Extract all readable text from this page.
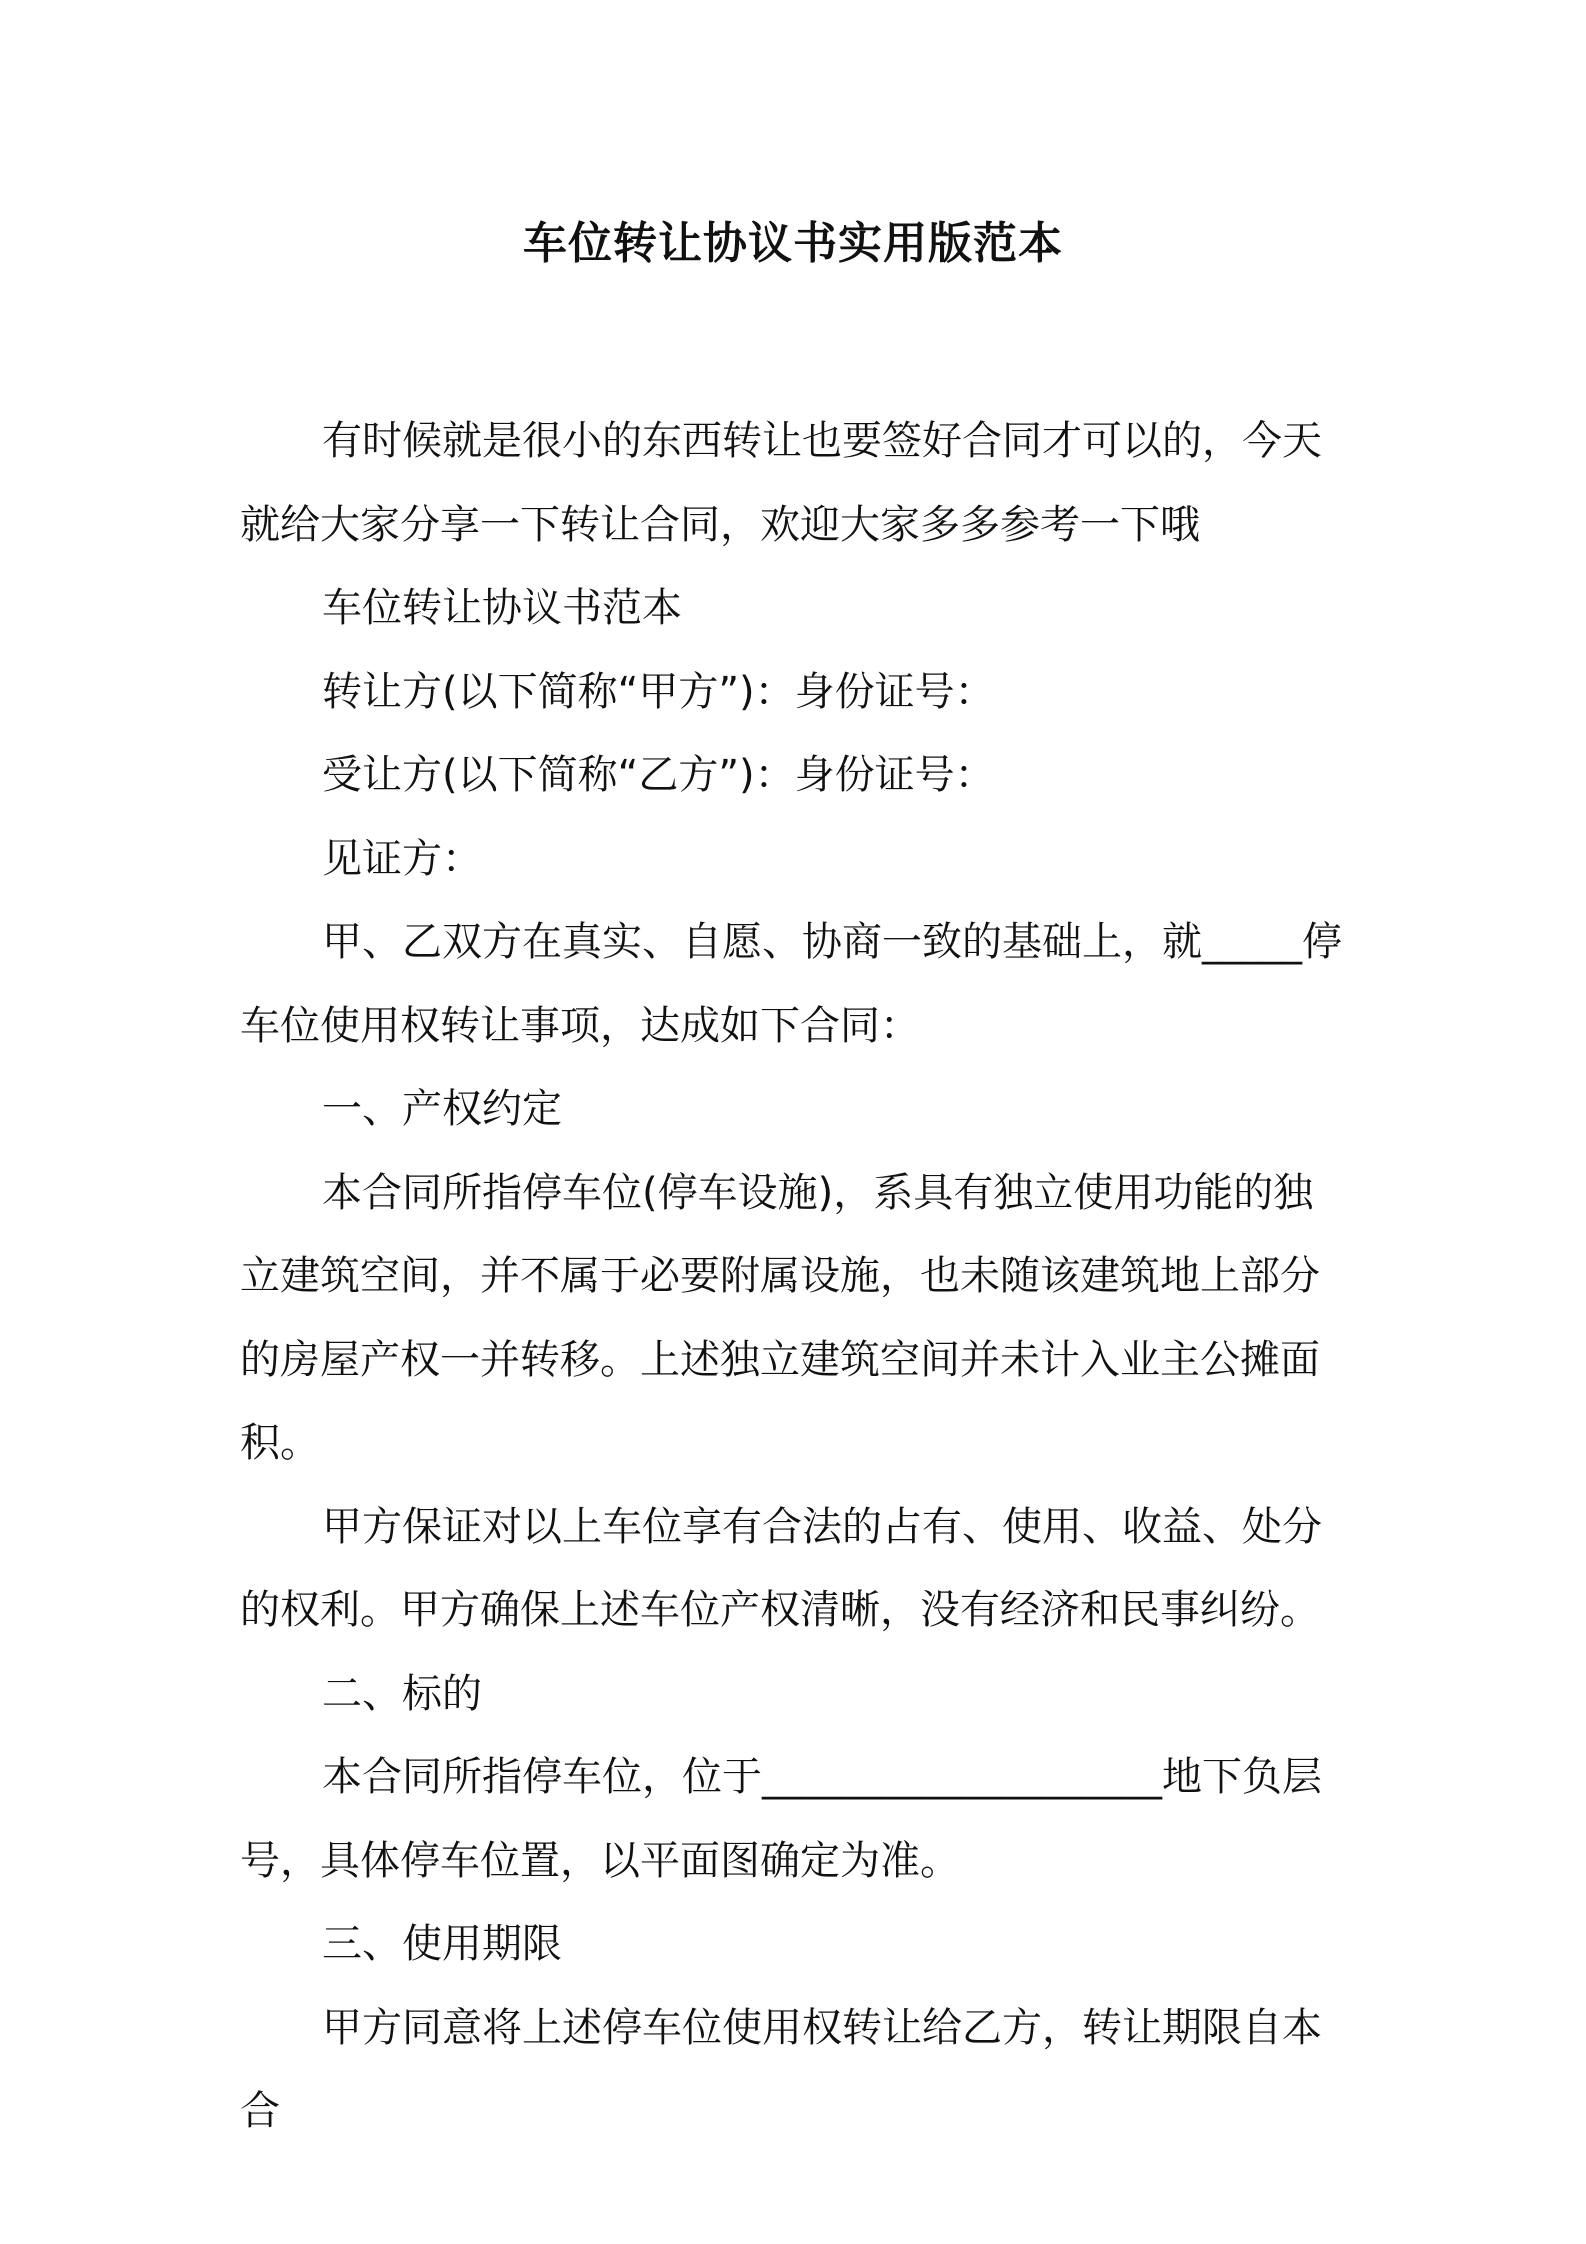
车位转让协议书实用版范本

有时候就是很小的东西转让也要签好合同才可以的，今天就给大家分享一下转让合同，欢迎大家多多参考一下哦

车位转让协议书范本

转让方(以下简称“甲方”)：身份证号：

受让方(以下简称“乙方”)：身份证号：

见证方：

甲、乙双方在真实、自愿、协商一致的基础上，就_____停车位使用权转让事项，达成如下合同：

一、产权约定

本合同所指停车位(停车设施)，系具有独立使用功能的独立建筑空间，并不属于必要附属设施，也未随该建筑地上部分的房屋产权一并转移。上述独立建筑空间并未计入业主公摊面积。

甲方保证对以上车位享有合法的占有、使用、收益、处分的权利。甲方确保上述车位产权清晰，没有经济和民事纠纷。

二、标的

本合同所指停车位，位于____________________地下负层号，具体停车位置，以平面图确定为准。

三、使用期限

甲方同意将上述停车位使用权转让给乙方，转让期限自本合
